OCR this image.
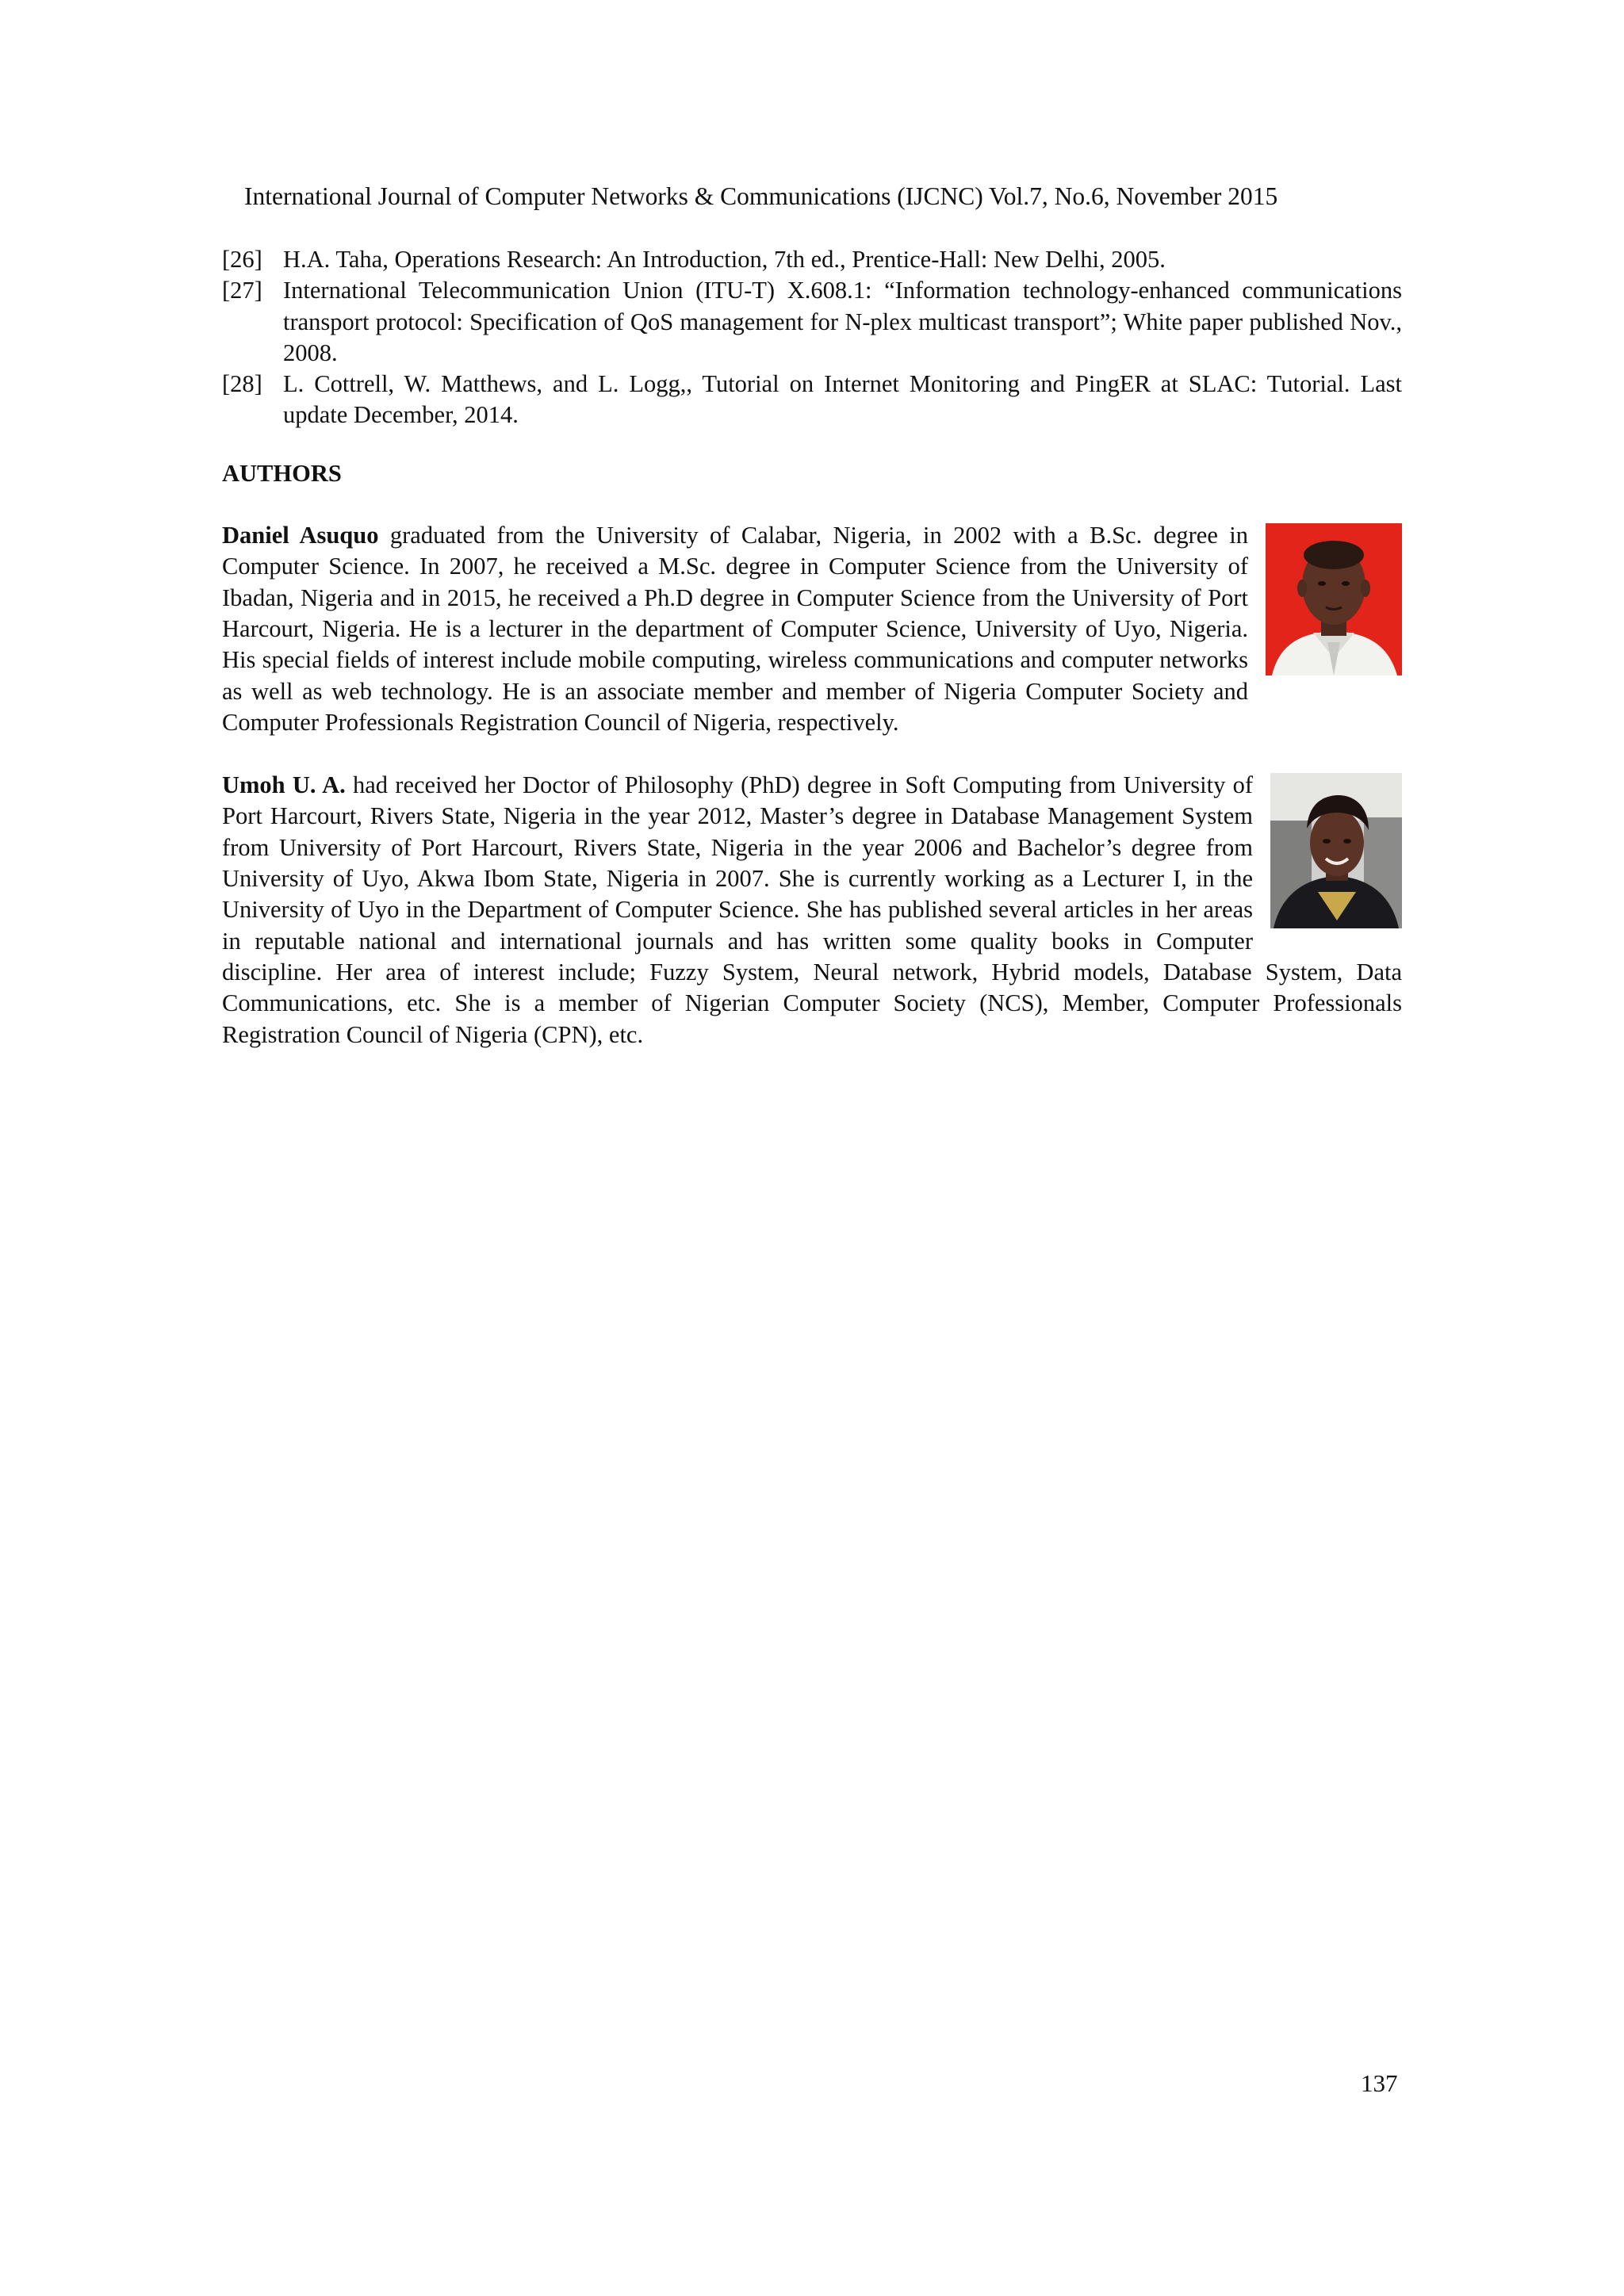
International Journal of Computer Networks & Communications (IJCNC) Vol.7, No.6, November 2015
[26] H.A. Taha, Operations Research: An Introduction, 7th ed., Prentice-Hall: New Delhi, 2005.
[27] International Telecommunication Union (ITU-T) X.608.1: “Information technology-enhanced communications transport protocol: Specification of QoS management for N-plex multicast transport”; White paper published Nov., 2008.
[28] L. Cottrell, W. Matthews, and L. Logg,, Tutorial on Internet Monitoring and PingER at SLAC: Tutorial. Last update December, 2014.
AUTHORS

Daniel Asuquo graduated from the University of Calabar, Nigeria, in 2002 with a B.Sc. degree in Computer Science. In 2007, he received a M.Sc. degree in Computer Science from the University of Ibadan, Nigeria and in 2015, he received a Ph.D degree in Computer Science from the University of Port Harcourt, Nigeria. He is a lecturer in the department of Computer Science, University of Uyo, Nigeria. His special fields of interest include mobile computing, wireless communications and computer networks as well as web technology. He is an associate member and member of Nigeria Computer Society and Computer Professionals Registration Council of Nigeria, respectively.

Umoh U. A. had received her Doctor of Philosophy (PhD) degree in Soft Computing from University of Port Harcourt, Rivers State, Nigeria in the year 2012, Master’s degree in Database Management System from University of Port Harcourt, Rivers State, Nigeria in the year 2006 and Bachelor’s degree from University of Uyo, Akwa Ibom State, Nigeria in 2007. She is currently working as a Lecturer I, in the University of Uyo in the Department of Computer Science. She has published several articles in her areas in reputable national and international journals and has written some quality books in Computer discipline. Her area of interest include; Fuzzy System, Neural network, Hybrid models, Database System, Data Communications, etc. She is a member of Nigerian Computer Society (NCS), Member, Computer Professionals Registration Council of Nigeria (CPN), etc.

137
